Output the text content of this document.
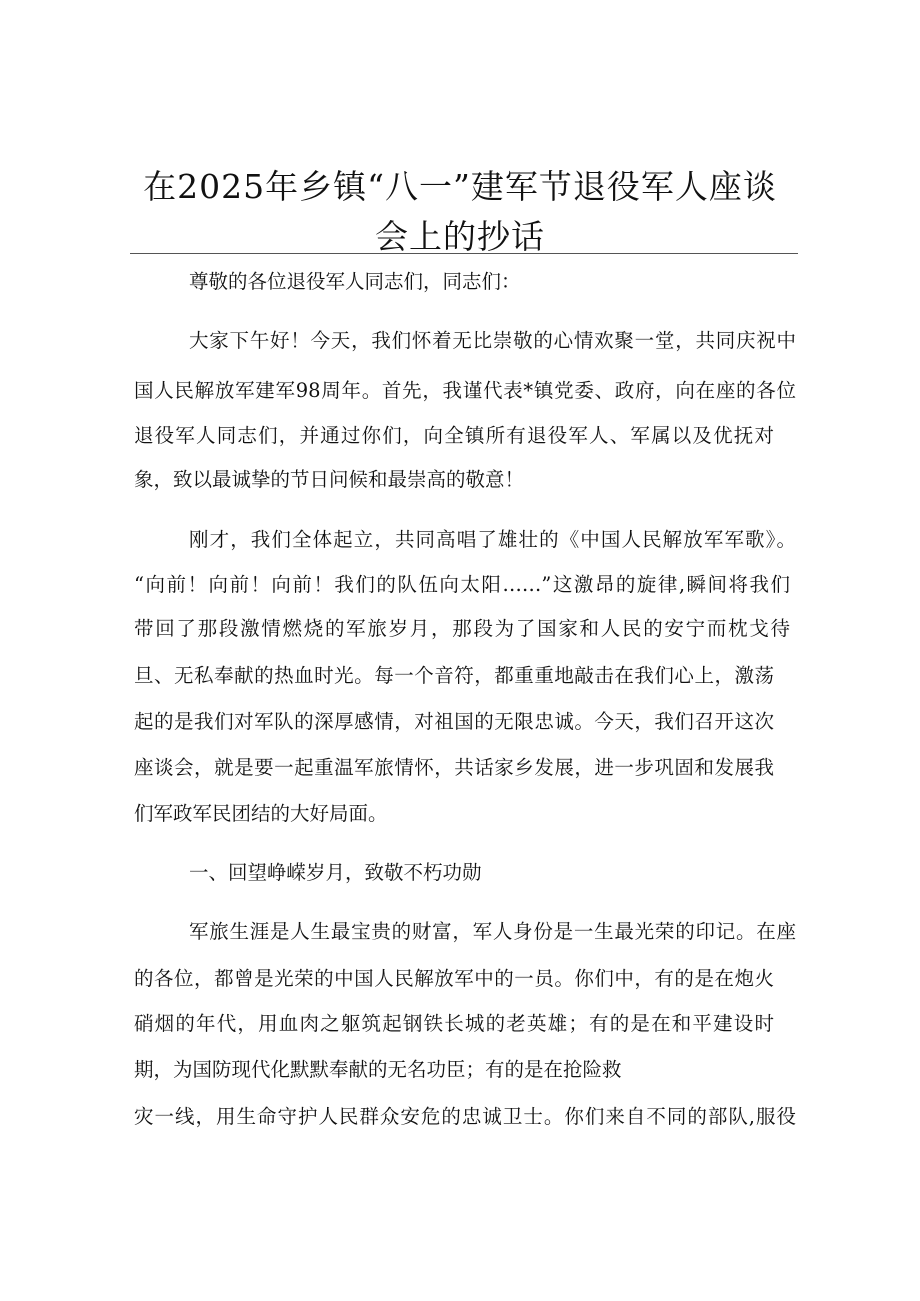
在2025年乡镇“八一”建军节退役军人座谈
会上的抄话

尊敬的各位退役军人同志们，同志们：

大家下午好！今天，我们怀着无比崇敬的心情欢聚一堂，共同庆祝中

国人民解放军建军98周年。首先，我谨代表*镇党委、政府，向在座的各位

退役军人同志们，并通过你们，向全镇所有退役军人、军属以及优抚对

象，致以最诚挚的节日问候和最崇高的敬意！

刚才，我们全体起立，共同高唱了雄壮的《中国人民解放军军歌》。

“向前！向前！向前！我们的队伍向太阳……”这激昂的旋律,瞬间将我们

带回了那段激情燃烧的军旅岁月，那段为了国家和人民的安宁而枕戈待

旦、无私奉献的热血时光。每一个音符，都重重地敲击在我们心上，激荡

起的是我们对军队的深厚感情，对祖国的无限忠诚。今天，我们召开这次

座谈会，就是要一起重温军旅情怀，共话家乡发展，进一步巩固和发展我

们军政军民团结的大好局面。

一、回望峥嵘岁月，致敬不朽功勋

军旅生涯是人生最宝贵的财富，军人身份是一生最光荣的印记。在座

的各位，都曾是光荣的中国人民解放军中的一员。你们中，有的是在炮火

硝烟的年代，用血肉之躯筑起钢铁长城的老英雄；有的是在和平建设时

期，为国防现代化默默奉献的无名功臣；有的是在抢险救

灾一线，用生命守护人民群众安危的忠诚卫士。你们来自不同的部队,服役
